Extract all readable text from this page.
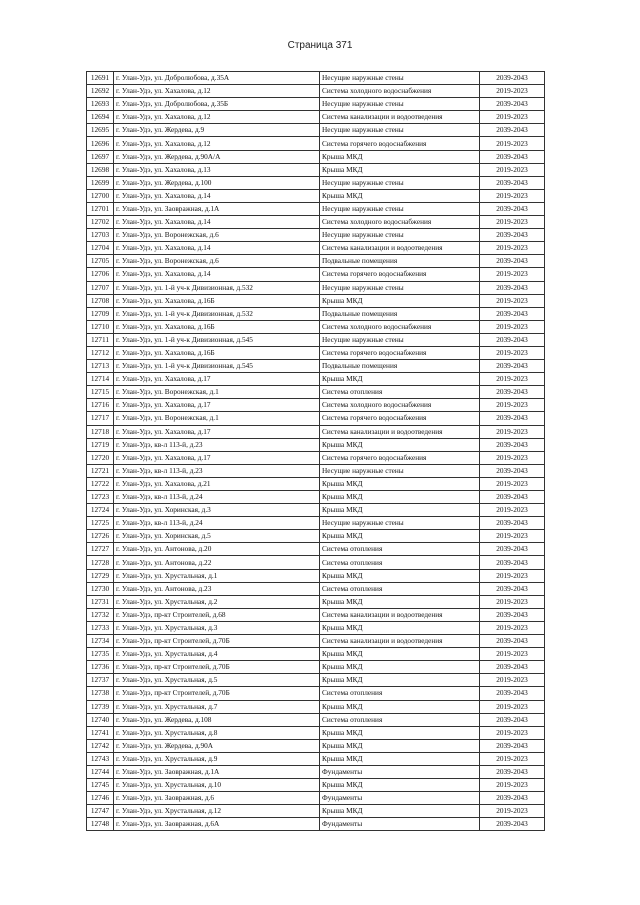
Страница 371
12691	г. Улан-Удэ, ул. Добролюбова, д.35А	Несущие наружные стены	2039-2043
12692	г. Улан-Удэ, ул. Хахалова, д.12	Система холодного водоснабжения	2019-2023
12693	г. Улан-Удэ, ул. Добролюбова, д.35Б	Несущие наружные стены	2039-2043
12694	г. Улан-Удэ, ул. Хахалова, д.12	Система канализации и водоотведения	2019-2023
12695	г. Улан-Удэ, ул. Жердева, д.9	Несущие наружные стены	2039-2043
12696	г. Улан-Удэ, ул. Хахалова, д.12	Система горячего водоснабжения	2019-2023
12697	г. Улан-Удэ, ул. Жердева, д.90А/А	Крыша МКД	2039-2043
12698	г. Улан-Удэ, ул. Хахалова, д.13	Крыша МКД	2019-2023
12699	г. Улан-Удэ, ул. Жердева, д.100	Несущие наружные стены	2039-2043
12700	г. Улан-Удэ, ул. Хахалова, д.14	Крыша МКД	2019-2023
12701	г. Улан-Удэ, ул. Заовражная, д.1А	Несущие наружные стены	2039-2043
12702	г. Улан-Удэ, ул. Хахалова, д.14	Система холодного водоснабжения	2019-2023
12703	г. Улан-Удэ, ул. Воронежская, д.6	Несущие наружные стены	2039-2043
12704	г. Улан-Удэ, ул. Хахалова, д.14	Система канализации и водоотведения	2019-2023
12705	г. Улан-Удэ, ул. Воронежская, д.6	Подвальные помещения	2039-2043
12706	г. Улан-Удэ, ул. Хахалова, д.14	Система горячего водоснабжения	2019-2023
12707	г. Улан-Удэ, ул. 1-й уч-к Дивизионная, д.532	Несущие наружные стены	2039-2043
12708	г. Улан-Удэ, ул. Хахалова, д.16Б	Крыша МКД	2019-2023
12709	г. Улан-Удэ, ул. 1-й уч-к Дивизионная, д.532	Подвальные помещения	2039-2043
12710	г. Улан-Удэ, ул. Хахалова, д.16Б	Система холодного водоснабжения	2019-2023
12711	г. Улан-Удэ, ул. 1-й уч-к Дивизионная, д.545	Несущие наружные стены	2039-2043
12712	г. Улан-Удэ, ул. Хахалова, д.16Б	Система горячего водоснабжения	2019-2023
12713	г. Улан-Удэ, ул. 1-й уч-к Дивизионная, д.545	Подвальные помещения	2039-2043
12714	г. Улан-Удэ, ул. Хахалова, д.17	Крыша МКД	2019-2023
12715	г. Улан-Удэ, ул. Воронежская, д.1	Система отопления	2039-2043
12716	г. Улан-Удэ, ул. Хахалова, д.17	Система холодного водоснабжения	2019-2023
12717	г. Улан-Удэ, ул. Воронежская, д.1	Система горячего водоснабжения	2039-2043
12718	г. Улан-Удэ, ул. Хахалова, д.17	Система канализации и водоотведения	2019-2023
12719	г. Улан-Удэ, кв-л 113-й, д.23	Крыша МКД	2039-2043
12720	г. Улан-Удэ, ул. Хахалова, д.17	Система горячего водоснабжения	2019-2023
12721	г. Улан-Удэ, кв-л 113-й, д.23	Несущие наружные стены	2039-2043
12722	г. Улан-Удэ, ул. Хахалова, д.21	Крыша МКД	2019-2023
12723	г. Улан-Удэ, кв-л 113-й, д.24	Крыша МКД	2039-2043
12724	г. Улан-Удэ, ул. Хоринская, д.3	Крыша МКД	2019-2023
12725	г. Улан-Удэ, кв-л 113-й, д.24	Несущие наружные стены	2039-2043
12726	г. Улан-Удэ, ул. Хоринская, д.5	Крыша МКД	2019-2023
12727	г. Улан-Удэ, ул. Антонова, д.20	Система отопления	2039-2043
12728	г. Улан-Удэ, ул. Антонова, д.22	Система отопления	2039-2043
12729	г. Улан-Удэ, ул. Хрустальная, д.1	Крыша МКД	2019-2023
12730	г. Улан-Удэ, ул. Антонова, д.23	Система отопления	2039-2043
12731	г. Улан-Удэ, ул. Хрустальная, д.2	Крыша МКД	2019-2023
12732	г. Улан-Удэ, пр-кт Строителей, д.68	Система канализации и водоотведения	2039-2043
12733	г. Улан-Удэ, ул. Хрустальная, д.3	Крыша МКД	2019-2023
12734	г. Улан-Удэ, пр-кт Строителей, д.70Б	Система канализации и водоотведения	2039-2043
12735	г. Улан-Удэ, ул. Хрустальная, д.4	Крыша МКД	2019-2023
12736	г. Улан-Удэ, пр-кт Строителей, д.70Б	Крыша МКД	2039-2043
12737	г. Улан-Удэ, ул. Хрустальная, д.5	Крыша МКД	2019-2023
12738	г. Улан-Удэ, пр-кт Строителей, д.70Б	Система отопления	2039-2043
12739	г. Улан-Удэ, ул. Хрустальная, д.7	Крыша МКД	2019-2023
12740	г. Улан-Удэ, ул. Жердева, д.108	Система отопления	2039-2043
12741	г. Улан-Удэ, ул. Хрустальная, д.8	Крыша МКД	2019-2023
12742	г. Улан-Удэ, ул. Жердева, д.90А	Крыша МКД	2039-2043
12743	г. Улан-Удэ, ул. Хрустальная, д.9	Крыша МКД	2019-2023
12744	г. Улан-Удэ, ул. Заовражная, д.1А	Фундаменты	2039-2043
12745	г. Улан-Удэ, ул. Хрустальная, д.10	Крыша МКД	2019-2023
12746	г. Улан-Удэ, ул. Заовражная, д.6	Фундаменты	2039-2043
12747	г. Улан-Удэ, ул. Хрустальная, д.12	Крыша МКД	2019-2023
12748	г. Улан-Удэ, ул. Заовражная, д.6А	Фундаменты	2039-2043
